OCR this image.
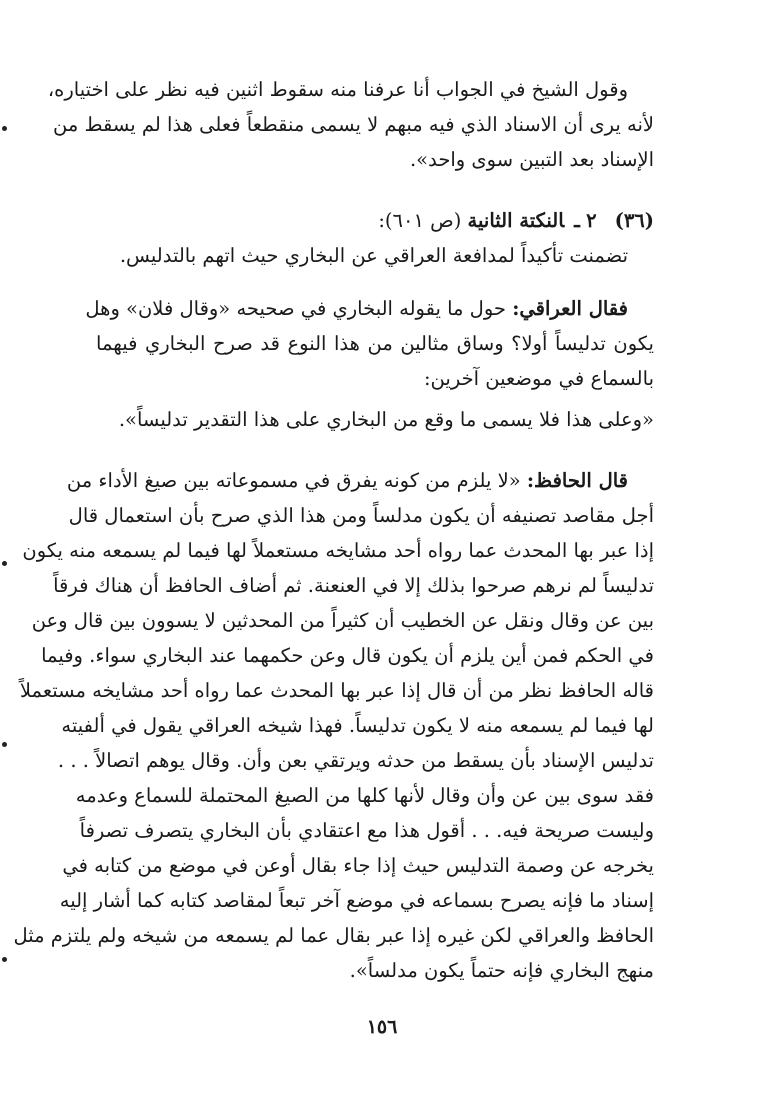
وقول الشيخ في الجواب أنا عرفنا منه سقوط اثنين فيه نظر على اختياره،
لأنه يرى أن الاسناد الذي فيه مبهم لا يسمى منقطعاً فعلى هذا لم يسقط من
الإسناد بعد التبين سوى واحد».
(٣٦)٢ ـالنكتة الثانية (ص ٦٠١):
تضمنت تأكيداً لمدافعة العراقي عن البخاري حيث اتهم بالتدليس.
فقال العراقي: حول ما يقوله البخاري في صحيحه «وقال فلان» وهل
يكون تدليساً أولا؟ وساق مثالين من هذا النوع قد صرح البخاري فيهما
بالسماع في موضعين آخرين:
«وعلى هذا فلا يسمى ما وقع من البخاري على هذا التقدير تدليساً».
قال الحافظ: «لا يلزم من كونه يفرق في مسموعاته بين صيغ الأداء من
أجل مقاصد تصنيفه أن يكون مدلساً ومن هذا الذي صرح بأن استعمال قال
إذا عبر بها المحدث عما رواه أحد مشايخه مستعملاً لها فيما لم يسمعه منه يكون
تدليساً لم نرهم صرحوا بذلك إلا في العنعنة. ثم أضاف الحافظ أن هناك فرقاً
بين عن وقال ونقل عن الخطيب أن كثيراً من المحدثين لا يسوون بين قال وعن
في الحكم فمن أين يلزم أن يكون قال وعن حكمهما عند البخاري سواء. وفيما
قاله الحافظ نظر من أن قال إذا عبر بها المحدث عما رواه أحد مشايخه مستعملاً
لها فيما لم يسمعه منه لا يكون تدليساً. فهذا شيخه العراقي يقول في ألفيته
تدليس الإسناد بأن يسقط من حدثه ويرتقي بعن وأن. وقال يوهم اتصالاً . . .
فقد سوى بين عن وأن وقال لأنها كلها من الصيغ المحتملة للسماع وعدمه
وليست صريحة فيه. . . أقول هذا مع اعتقادي بأن البخاري يتصرف تصرفاً
يخرجه عن وصمة التدليس حيث إذا جاء بقال أوعن في موضع من كتابه في
إسناد ما فإنه يصرح بسماعه في موضع آخر تبعاً لمقاصد كتابه كما أشار إليه
الحافظ والعراقي لكن غيره إذا عبر بقال عما لم يسمعه من شيخه ولم يلتزم مثل
منهج البخاري فإنه حتماً يكون مدلساً».
١٥٦
